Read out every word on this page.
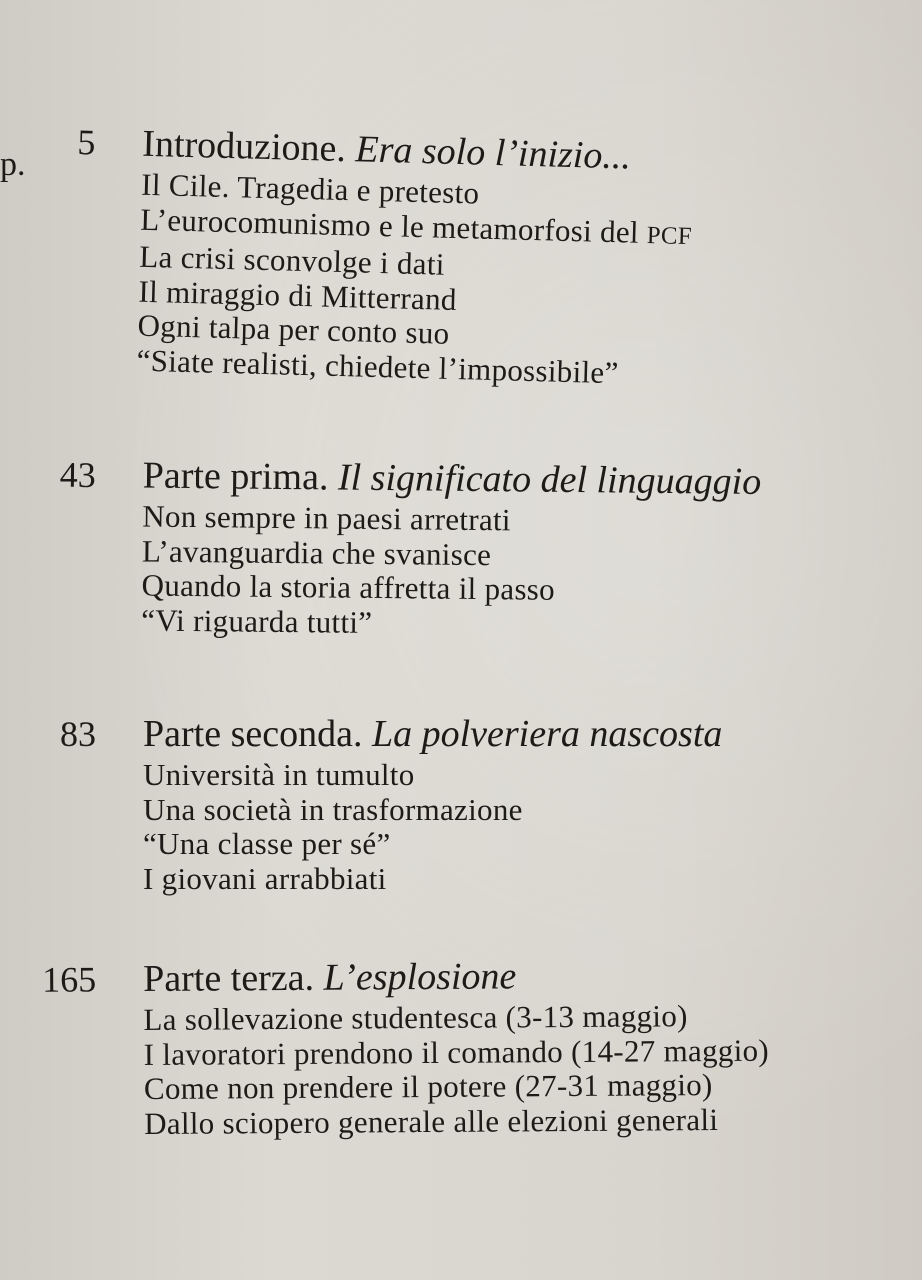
p.
5 Introduzione. Era solo l’inizio...
Il Cile. Tragedia e pretesto
L’eurocomunismo e le metamorfosi del PCF
La crisi sconvolge i dati
Il miraggio di Mitterrand
Ogni talpa per conto suo
“Siate realisti, chiedete l’impossibile”
43 Parte prima. Il significato del linguaggio
Non sempre in paesi arretrati
L’avanguardia che svanisce
Quando la storia affretta il passo
“Vi riguarda tutti”
83 Parte seconda. La polveriera nascosta
Università in tumulto
Una società in trasformazione
“Una classe per sé”
I giovani arrabbiati
165 Parte terza. L’esplosione
La sollevazione studentesca (3-13 maggio)
I lavoratori prendono il comando (14-27 maggio)
Come non prendere il potere (27-31 maggio)
Dallo sciopero generale alle elezioni generali
